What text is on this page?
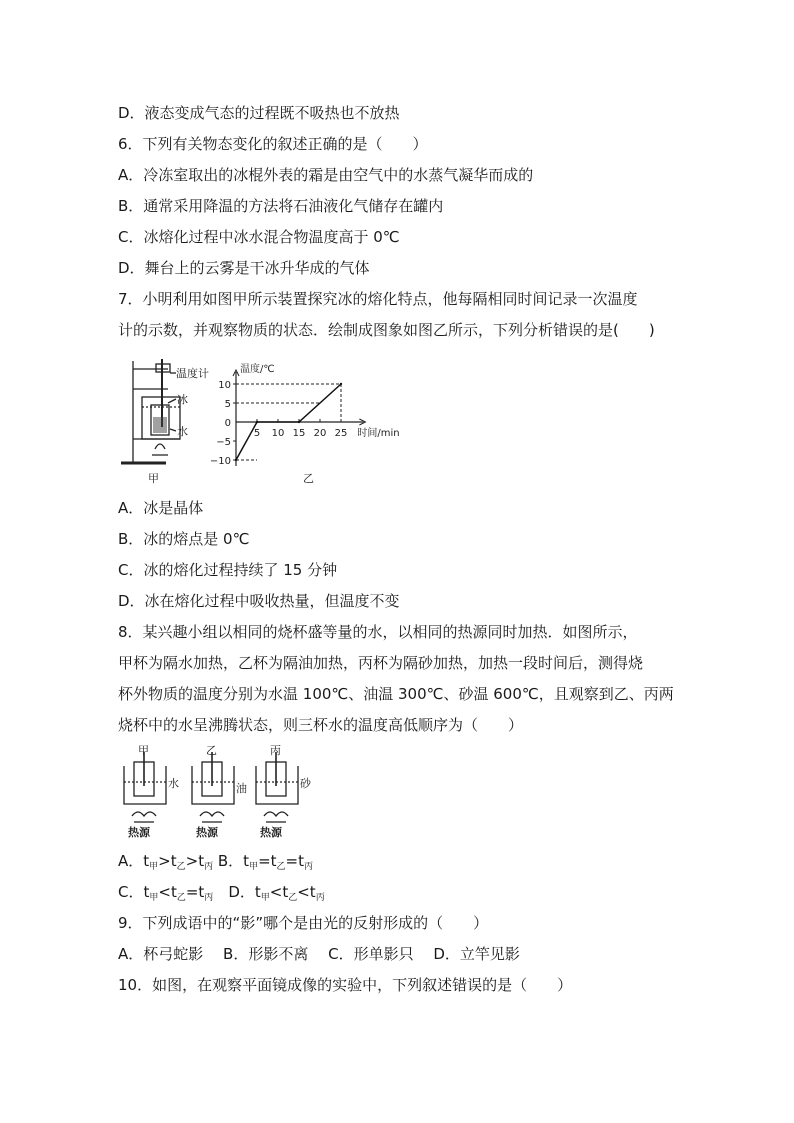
D．液态变成气态的过程既不吸热也不放热
6．下列有关物态变化的叙述正确的是（　　）
A．冷冻室取出的冰棍外表的霜是由空气中的水蒸气凝华而成的
B．通常采用降温的方法将石油液化气储存在罐内
C．冰熔化过程中冰水混合物温度高于 0℃
D．舞台上的云雾是干冰升华成的气体
7．小明利用如图甲所示装置探究冰的熔化特点，他每隔相同时间记录一次温度
计的示数，并观察物质的状态．绘制成图象如图乙所示，下列分析错误的是(　　)
温度计
冰
水
甲
温度/℃
时间/min
−10
−5
0
5
10
5 10 15 20 25
乙
A．冰是晶体
B．冰的熔点是 0℃
C．冰的熔化过程持续了 15 分钟
D．冰在熔化过程中吸收热量，但温度不变
8．某兴趣小组以相同的烧杯盛等量的水，以相同的热源同时加热．如图所示，
甲杯为隔水加热，乙杯为隔油加热，丙杯为隔砂加热，加热一段时间后，测得烧
杯外物质的温度分别为水温 100℃、油温 300℃、砂温 600℃，且观察到乙、丙两
烧杯中的水呈沸腾状态，则三杯水的温度高低顺序为（　　）
甲	乙	丙
水	油	砂
热源	热源	热源
A．$t_甲>t_乙>t_丙$ B．$t_甲=t_乙=t_丙$
C．$t_甲<t_乙=t_丙$　D．$t_甲<t_乙<t_丙$
9．下列成语中的“影”哪个是由光的反射形成的（　　）
A．杯弓蛇影　 B．形影不离　 C．形单影只　 D．立竿见影
10．如图，在观察平面镜成像的实验中，下列叙述错误的是（　　）
